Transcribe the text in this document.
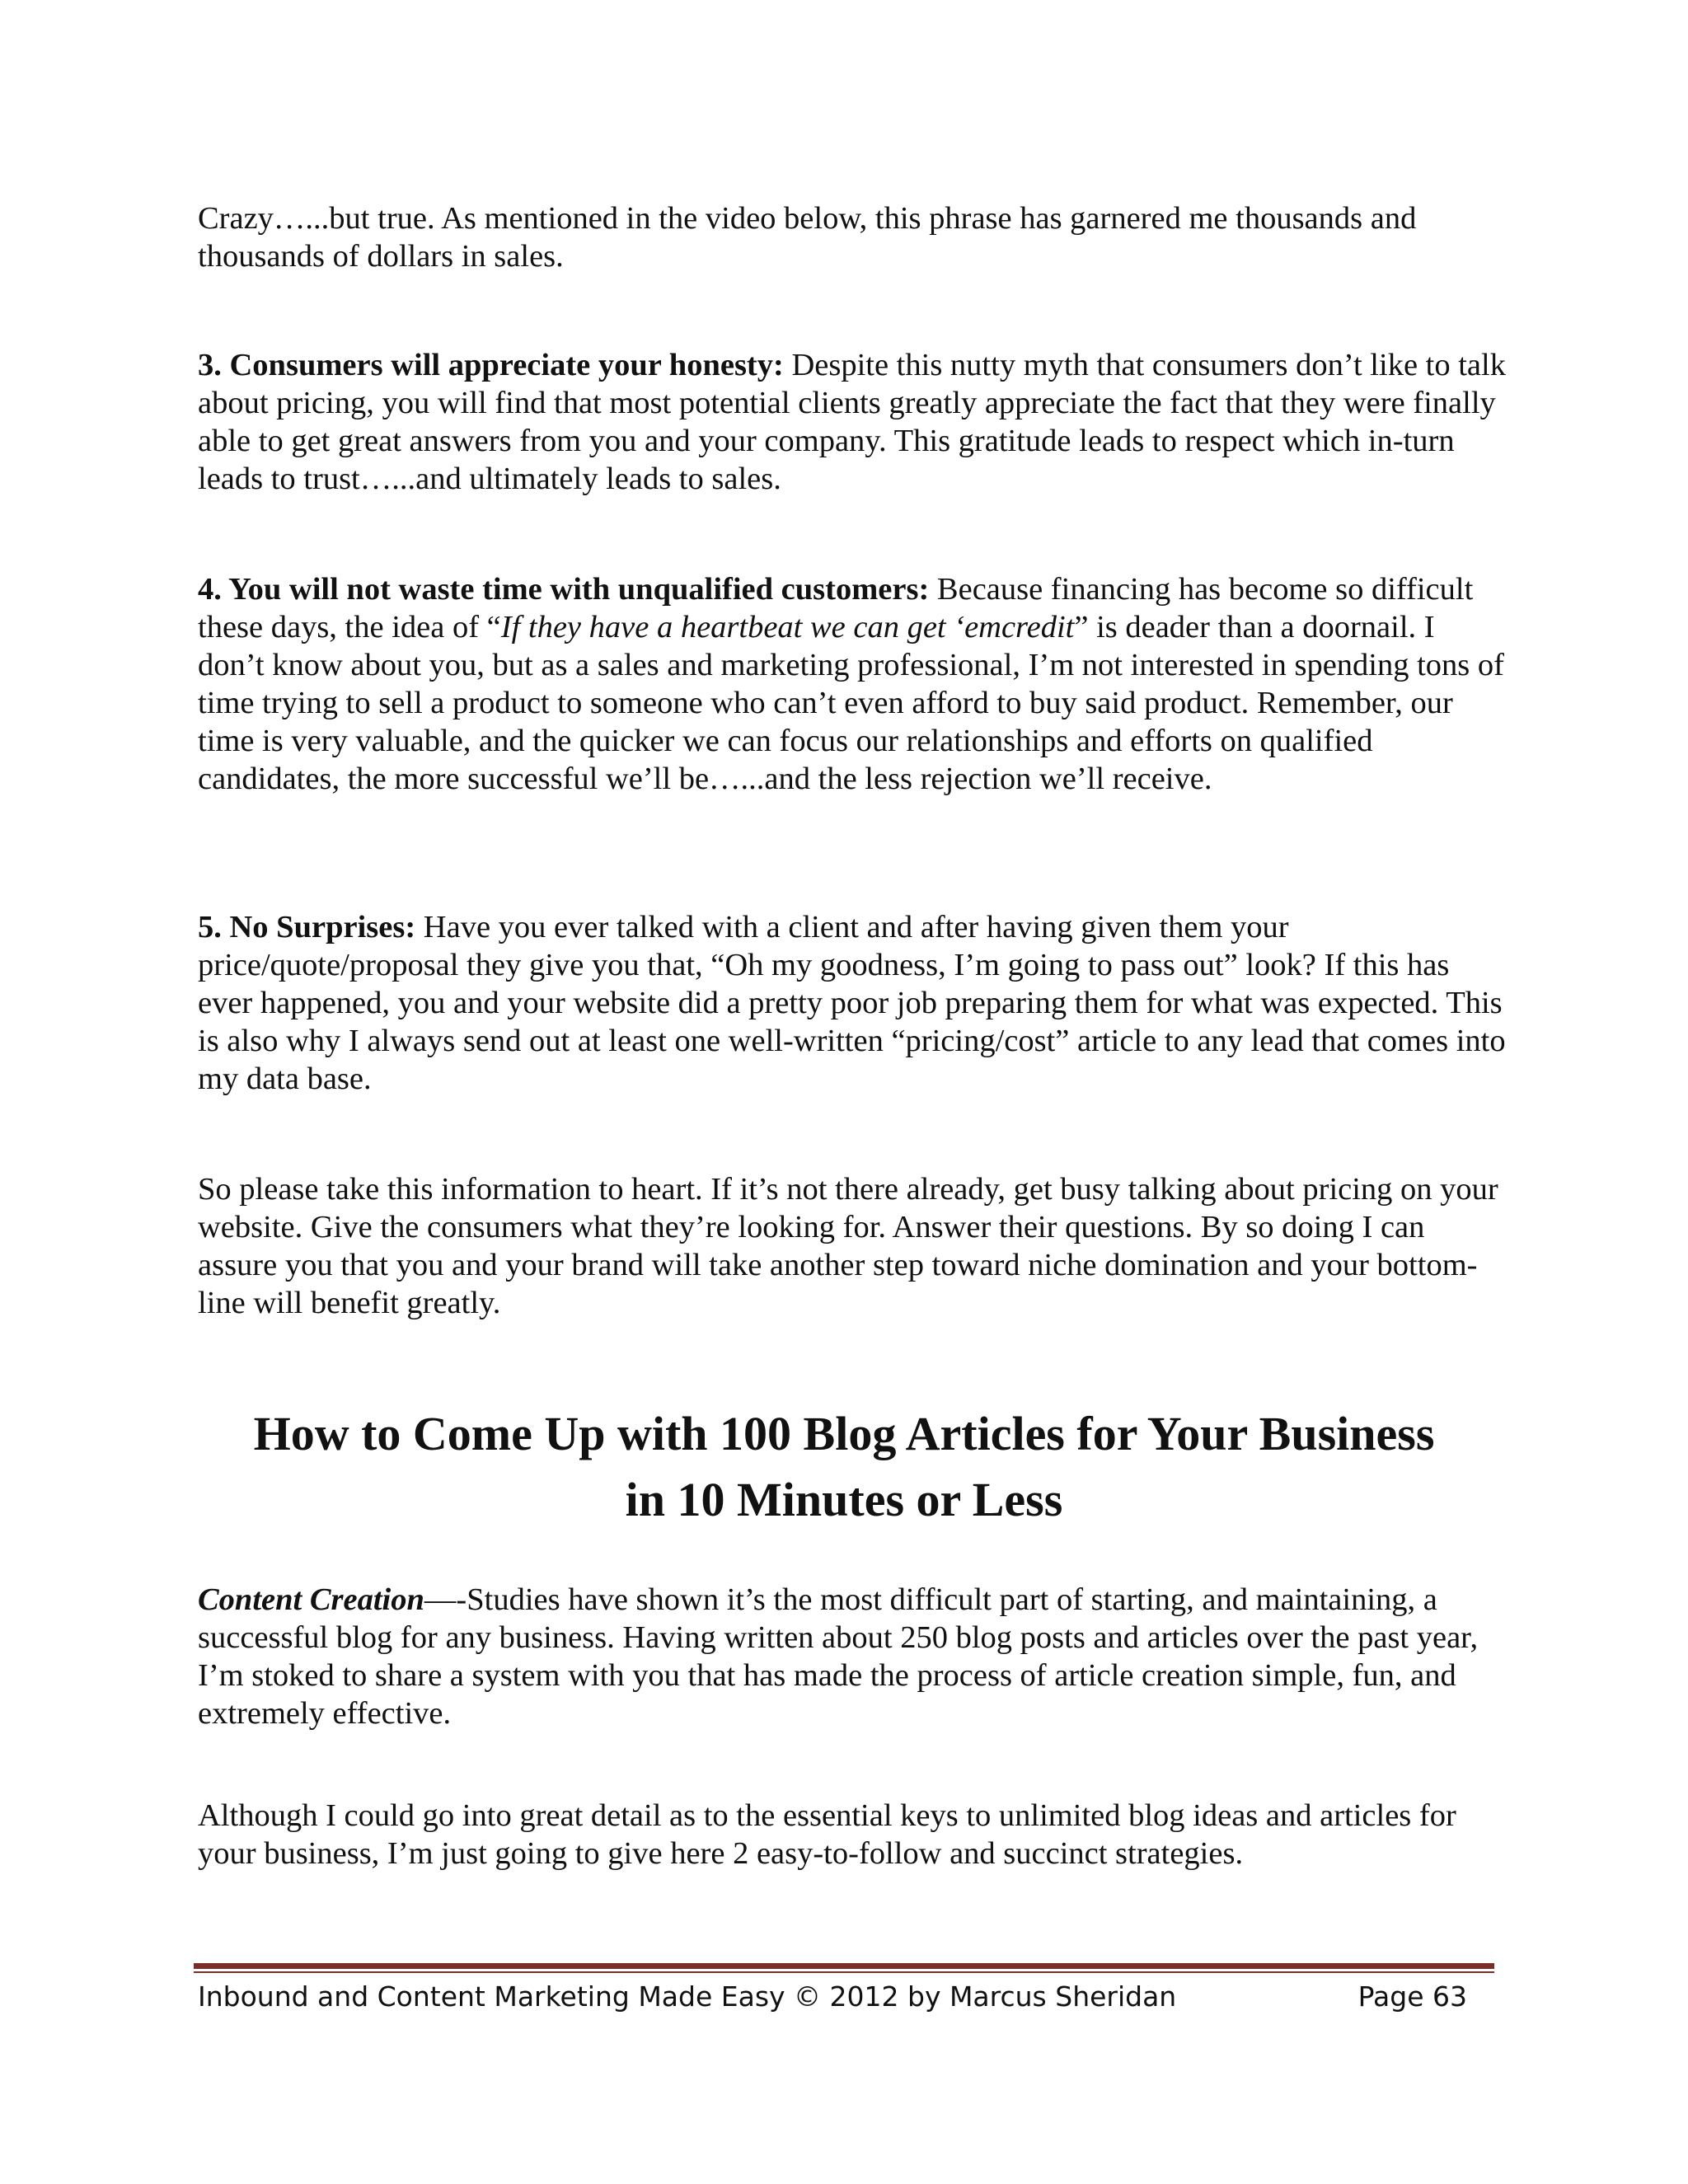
Crazy…...but true. As mentioned in the video below, this phrase has garnered me thousands and thousands of dollars in sales.

3. Consumers will appreciate your honesty: Despite this nutty myth that consumers don’t like to talk about pricing, you will find that most potential clients greatly appreciate the fact that they were finally able to get great answers from you and your company. This gratitude leads to respect which in-turn leads to trust…...and ultimately leads to sales.

4. You will not waste time with unqualified customers: Because financing has become so difficult these days, the idea of “If they have a heartbeat we can get ‘emcredit” is deader than a doornail. I don’t know about you, but as a sales and marketing professional, I’m not interested in spending tons of time trying to sell a product to someone who can’t even afford to buy said product. Remember, our time is very valuable, and the quicker we can focus our relationships and efforts on qualified candidates, the more successful we’ll be…...and the less rejection we’ll receive.

5. No Surprises: Have you ever talked with a client and after having given them your price/quote/proposal they give you that, “Oh my goodness, I’m going to pass out” look? If this has ever happened, you and your website did a pretty poor job preparing them for what was expected. This is also why I always send out at least one well-written “pricing/cost” article to any lead that comes into my data base.

So please take this information to heart. If it’s not there already, get busy talking about pricing on your website. Give the consumers what they’re looking for. Answer their questions. By so doing I can assure you that you and your brand will take another step toward niche domination and your bottom-line will benefit greatly.

How to Come Up with 100 Blog Articles for Your Business
in 10 Minutes or Less

Content Creation—-Studies have shown it’s the most difficult part of starting, and maintaining, a successful blog for any business. Having written about 250 blog posts and articles over the past year, I’m stoked to share a system with you that has made the process of article creation simple, fun, and extremely effective.

Although I could go into great detail as to the essential keys to unlimited blog ideas and articles for your business, I’m just going to give here 2 easy-to-follow and succinct strategies.

Inbound and Content Marketing Made Easy © 2012 by Marcus Sheridan	Page 63
